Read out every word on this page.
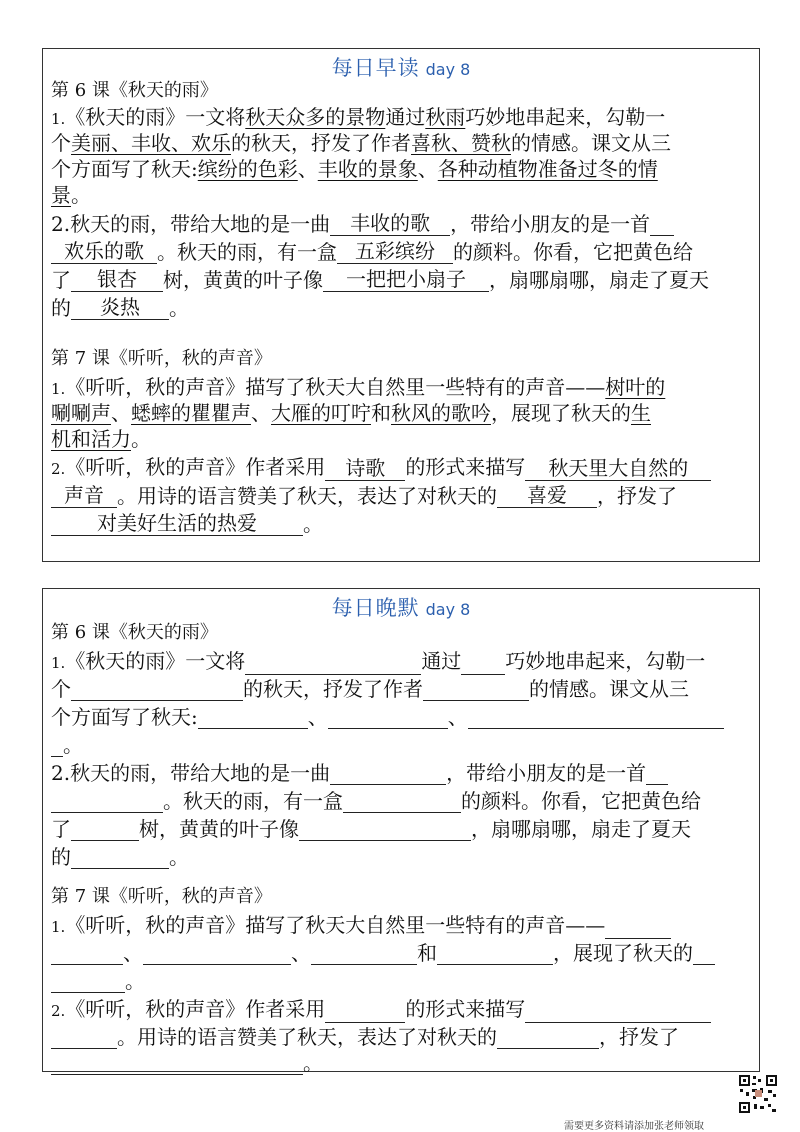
每日早读 day 8
第 6 课《秋天的雨》
1.《秋天的雨》一文将秋天众多的景物通过秋雨巧妙地串起来，勾勒一
个美丽、丰收、欢乐的秋天，抒发了作者喜秋、赞秋的情感。课文从三
个方面写了秋天:缤纷的色彩、丰收的景象、各种动植物准备过冬的情
景。
2.秋天的雨，带给大地的是一曲 丰收的歌 ，带给小朋友的是一首
欢乐的歌 。秋天的雨，有一盒 五彩缤纷 的颜料。你看，它把黄色给
了 银杏 树，黄黄的叶子像 一把把小扇子 ，扇哪扇哪，扇走了夏天
的 炎热 。
第 7 课《听听，秋的声音》
1.《听听，秋的声音》描写了秋天大自然里一些特有的声音——树叶的
唰唰声、蟋蟀的瞿瞿声、大雁的叮咛和秋风的歌吟，展现了秋天的生
机和活力。
2.《听听，秋的声音》作者采用 诗歌 的形式来描写 秋天里大自然的
声音 。用诗的语言赞美了秋天，表达了对秋天的 喜爱 ，抒发了
对美好生活的热爱 。
每日晚默 day 8
第 6 课《秋天的雨》
1.《秋天的雨》一文将	通过 巧妙地串起来，勾勒一
个	的秋天，抒发了作者	的情感。课文从三
个方面写了秋天:	、	、
。
2.秋天的雨，带给大地的是一曲	，带给小朋友的是一首
。秋天的雨，有一盒	的颜料。你看，它把黄色给
了	树，黄黄的叶子像	，扇哪扇哪，扇走了夏天
的	。
第 7 课《听听，秋的声音》
1.《听听，秋的声音》描写了秋天大自然里一些特有的声音——
、	、	和	，展现了秋天的
。
2.《听听，秋的声音》作者采用	的形式来描写
。用诗的语言赞美了秋天，表达了对秋天的	，抒发了
。
需要更多资料请添加张老师领取
